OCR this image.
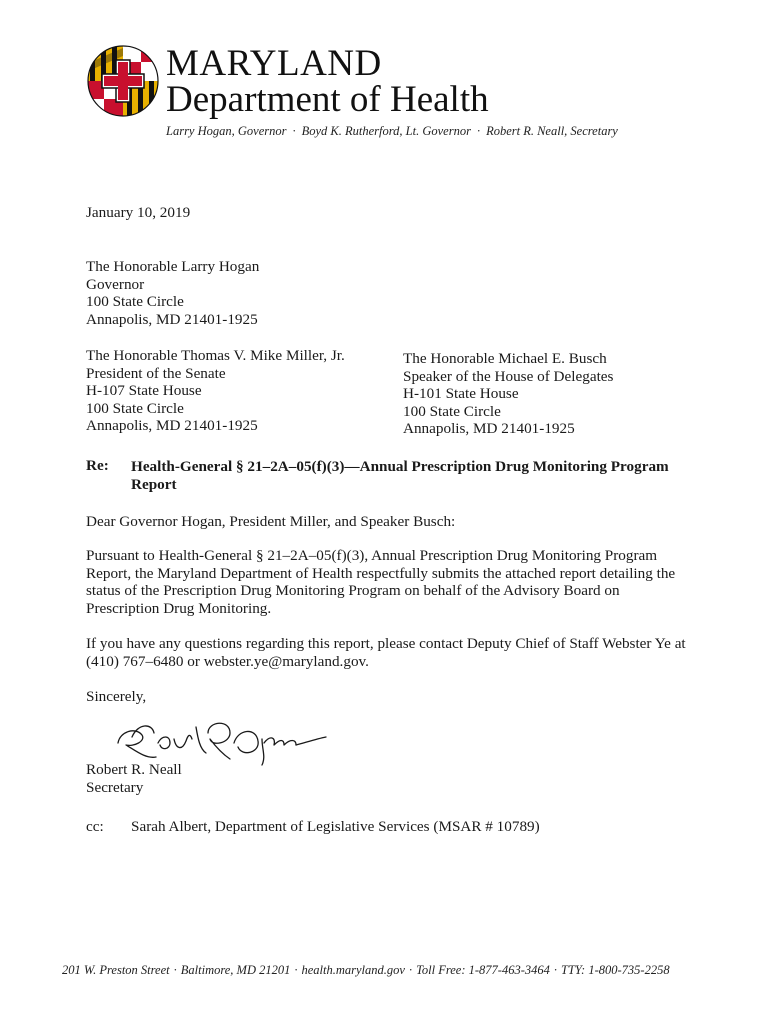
MARYLAND
Department of Health
Larry Hogan, Governor · Boyd K. Rutherford, Lt. Governor · Robert R. Neall, Secretary
January 10, 2019
The Honorable Larry Hogan
Governor
100 State Circle
Annapolis, MD 21401-1925
The Honorable Thomas V. Mike Miller, Jr.
President of the Senate
H-107 State House
100 State Circle
Annapolis, MD 21401-1925
The Honorable Michael E. Busch
Speaker of the House of Delegates
H-101 State House
100 State Circle
Annapolis, MD 21401-1925
Re: Health-General § 21–2A–05(f)(3)—Annual Prescription Drug Monitoring Program Report
Dear Governor Hogan, President Miller, and Speaker Busch:
Pursuant to Health-General § 21–2A–05(f)(3), Annual Prescription Drug Monitoring Program Report, the Maryland Department of Health respectfully submits the attached report detailing the status of the Prescription Drug Monitoring Program on behalf of the Advisory Board on Prescription Drug Monitoring.
If you have any questions regarding this report, please contact Deputy Chief of Staff Webster Ye at (410) 767–6480 or webster.ye@maryland.gov.
Sincerely,
Robert R. Neall
Secretary
cc: Sarah Albert, Department of Legislative Services (MSAR # 10789)
201 W. Preston Street · Baltimore, MD 21201 · health.maryland.gov · Toll Free: 1-877-463-3464 · TTY: 1-800-735-2258
